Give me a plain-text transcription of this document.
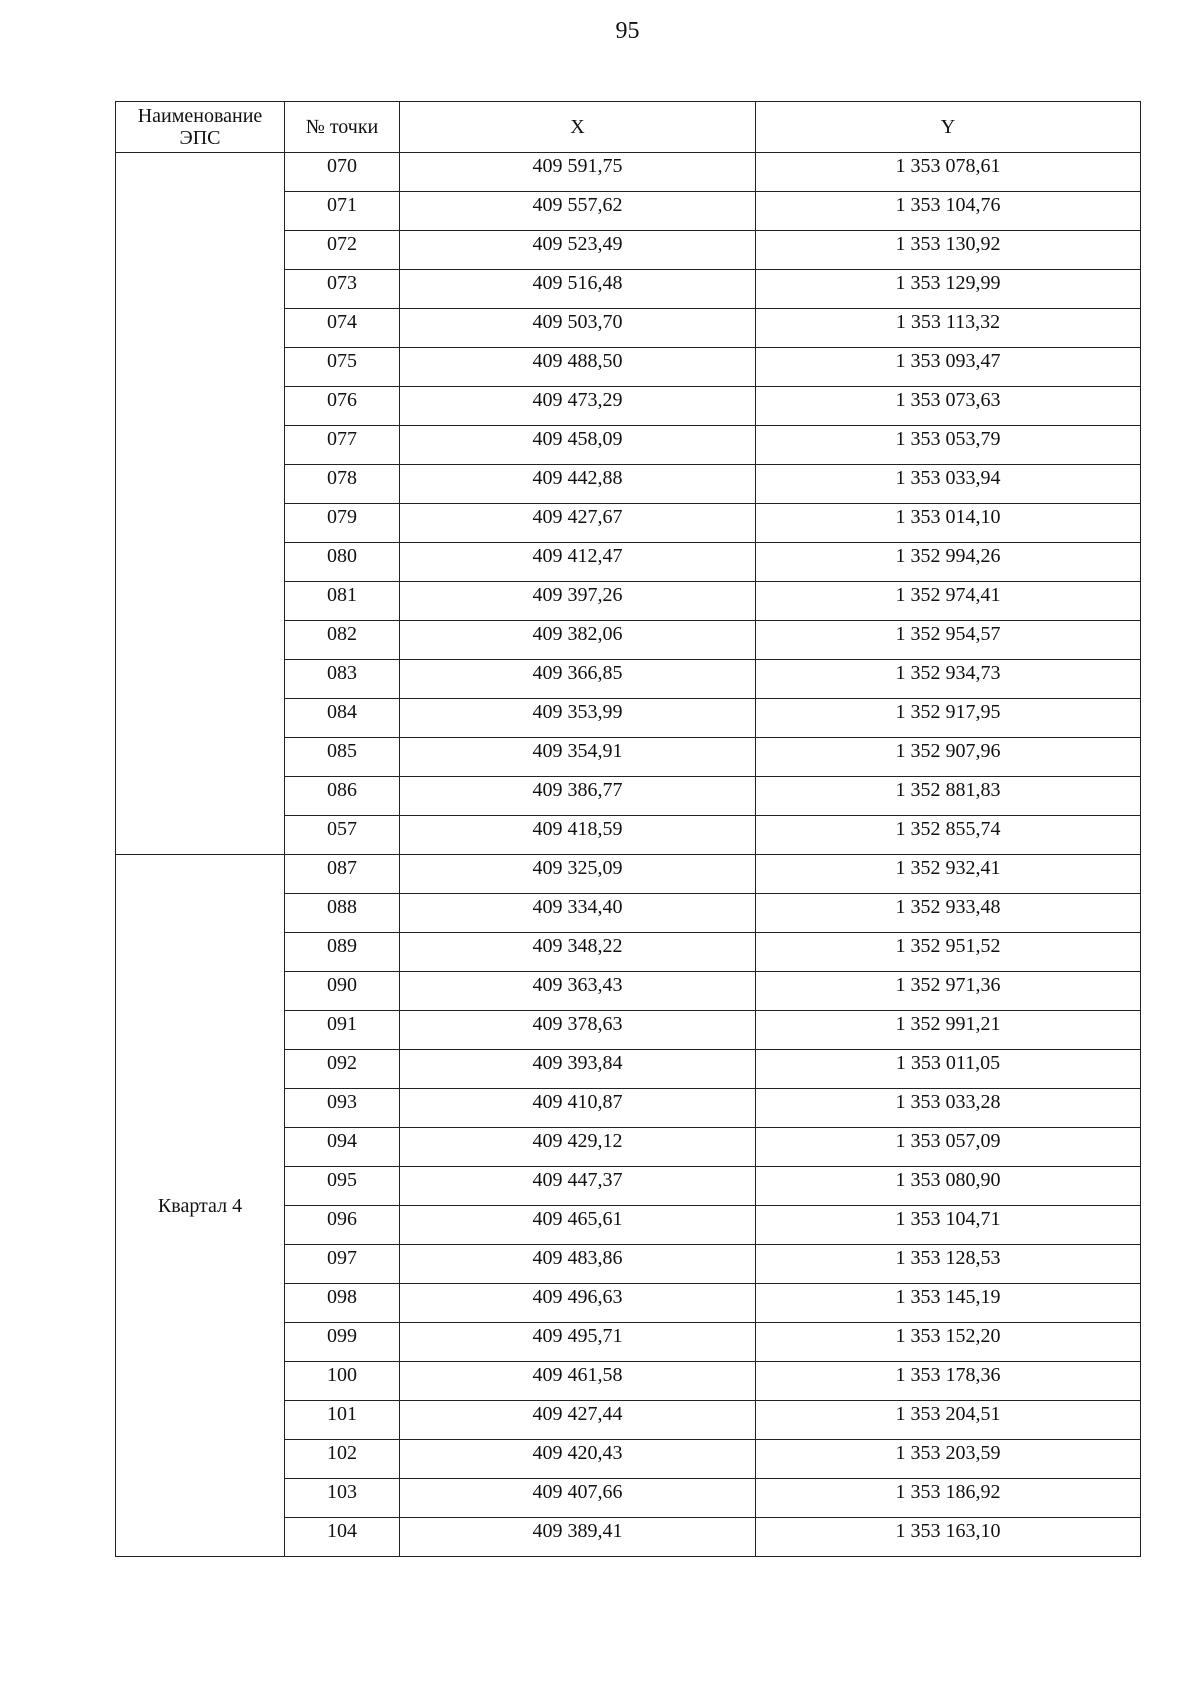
95
Наименование ЭПС	№ точки	X	Y
	070	409 591,75	1 353 078,61
	071	409 557,62	1 353 104,76
	072	409 523,49	1 353 130,92
	073	409 516,48	1 353 129,99
	074	409 503,70	1 353 113,32
	075	409 488,50	1 353 093,47
	076	409 473,29	1 353 073,63
	077	409 458,09	1 353 053,79
	078	409 442,88	1 353 033,94
	079	409 427,67	1 353 014,10
	080	409 412,47	1 352 994,26
	081	409 397,26	1 352 974,41
	082	409 382,06	1 352 954,57
	083	409 366,85	1 352 934,73
	084	409 353,99	1 352 917,95
	085	409 354,91	1 352 907,96
	086	409 386,77	1 352 881,83
	057	409 418,59	1 352 855,74
Квартал 4	087	409 325,09	1 352 932,41
	088	409 334,40	1 352 933,48
	089	409 348,22	1 352 951,52
	090	409 363,43	1 352 971,36
	091	409 378,63	1 352 991,21
	092	409 393,84	1 353 011,05
	093	409 410,87	1 353 033,28
	094	409 429,12	1 353 057,09
	095	409 447,37	1 353 080,90
	096	409 465,61	1 353 104,71
	097	409 483,86	1 353 128,53
	098	409 496,63	1 353 145,19
	099	409 495,71	1 353 152,20
	100	409 461,58	1 353 178,36
	101	409 427,44	1 353 204,51
	102	409 420,43	1 353 203,59
	103	409 407,66	1 353 186,92
	104	409 389,41	1 353 163,10
